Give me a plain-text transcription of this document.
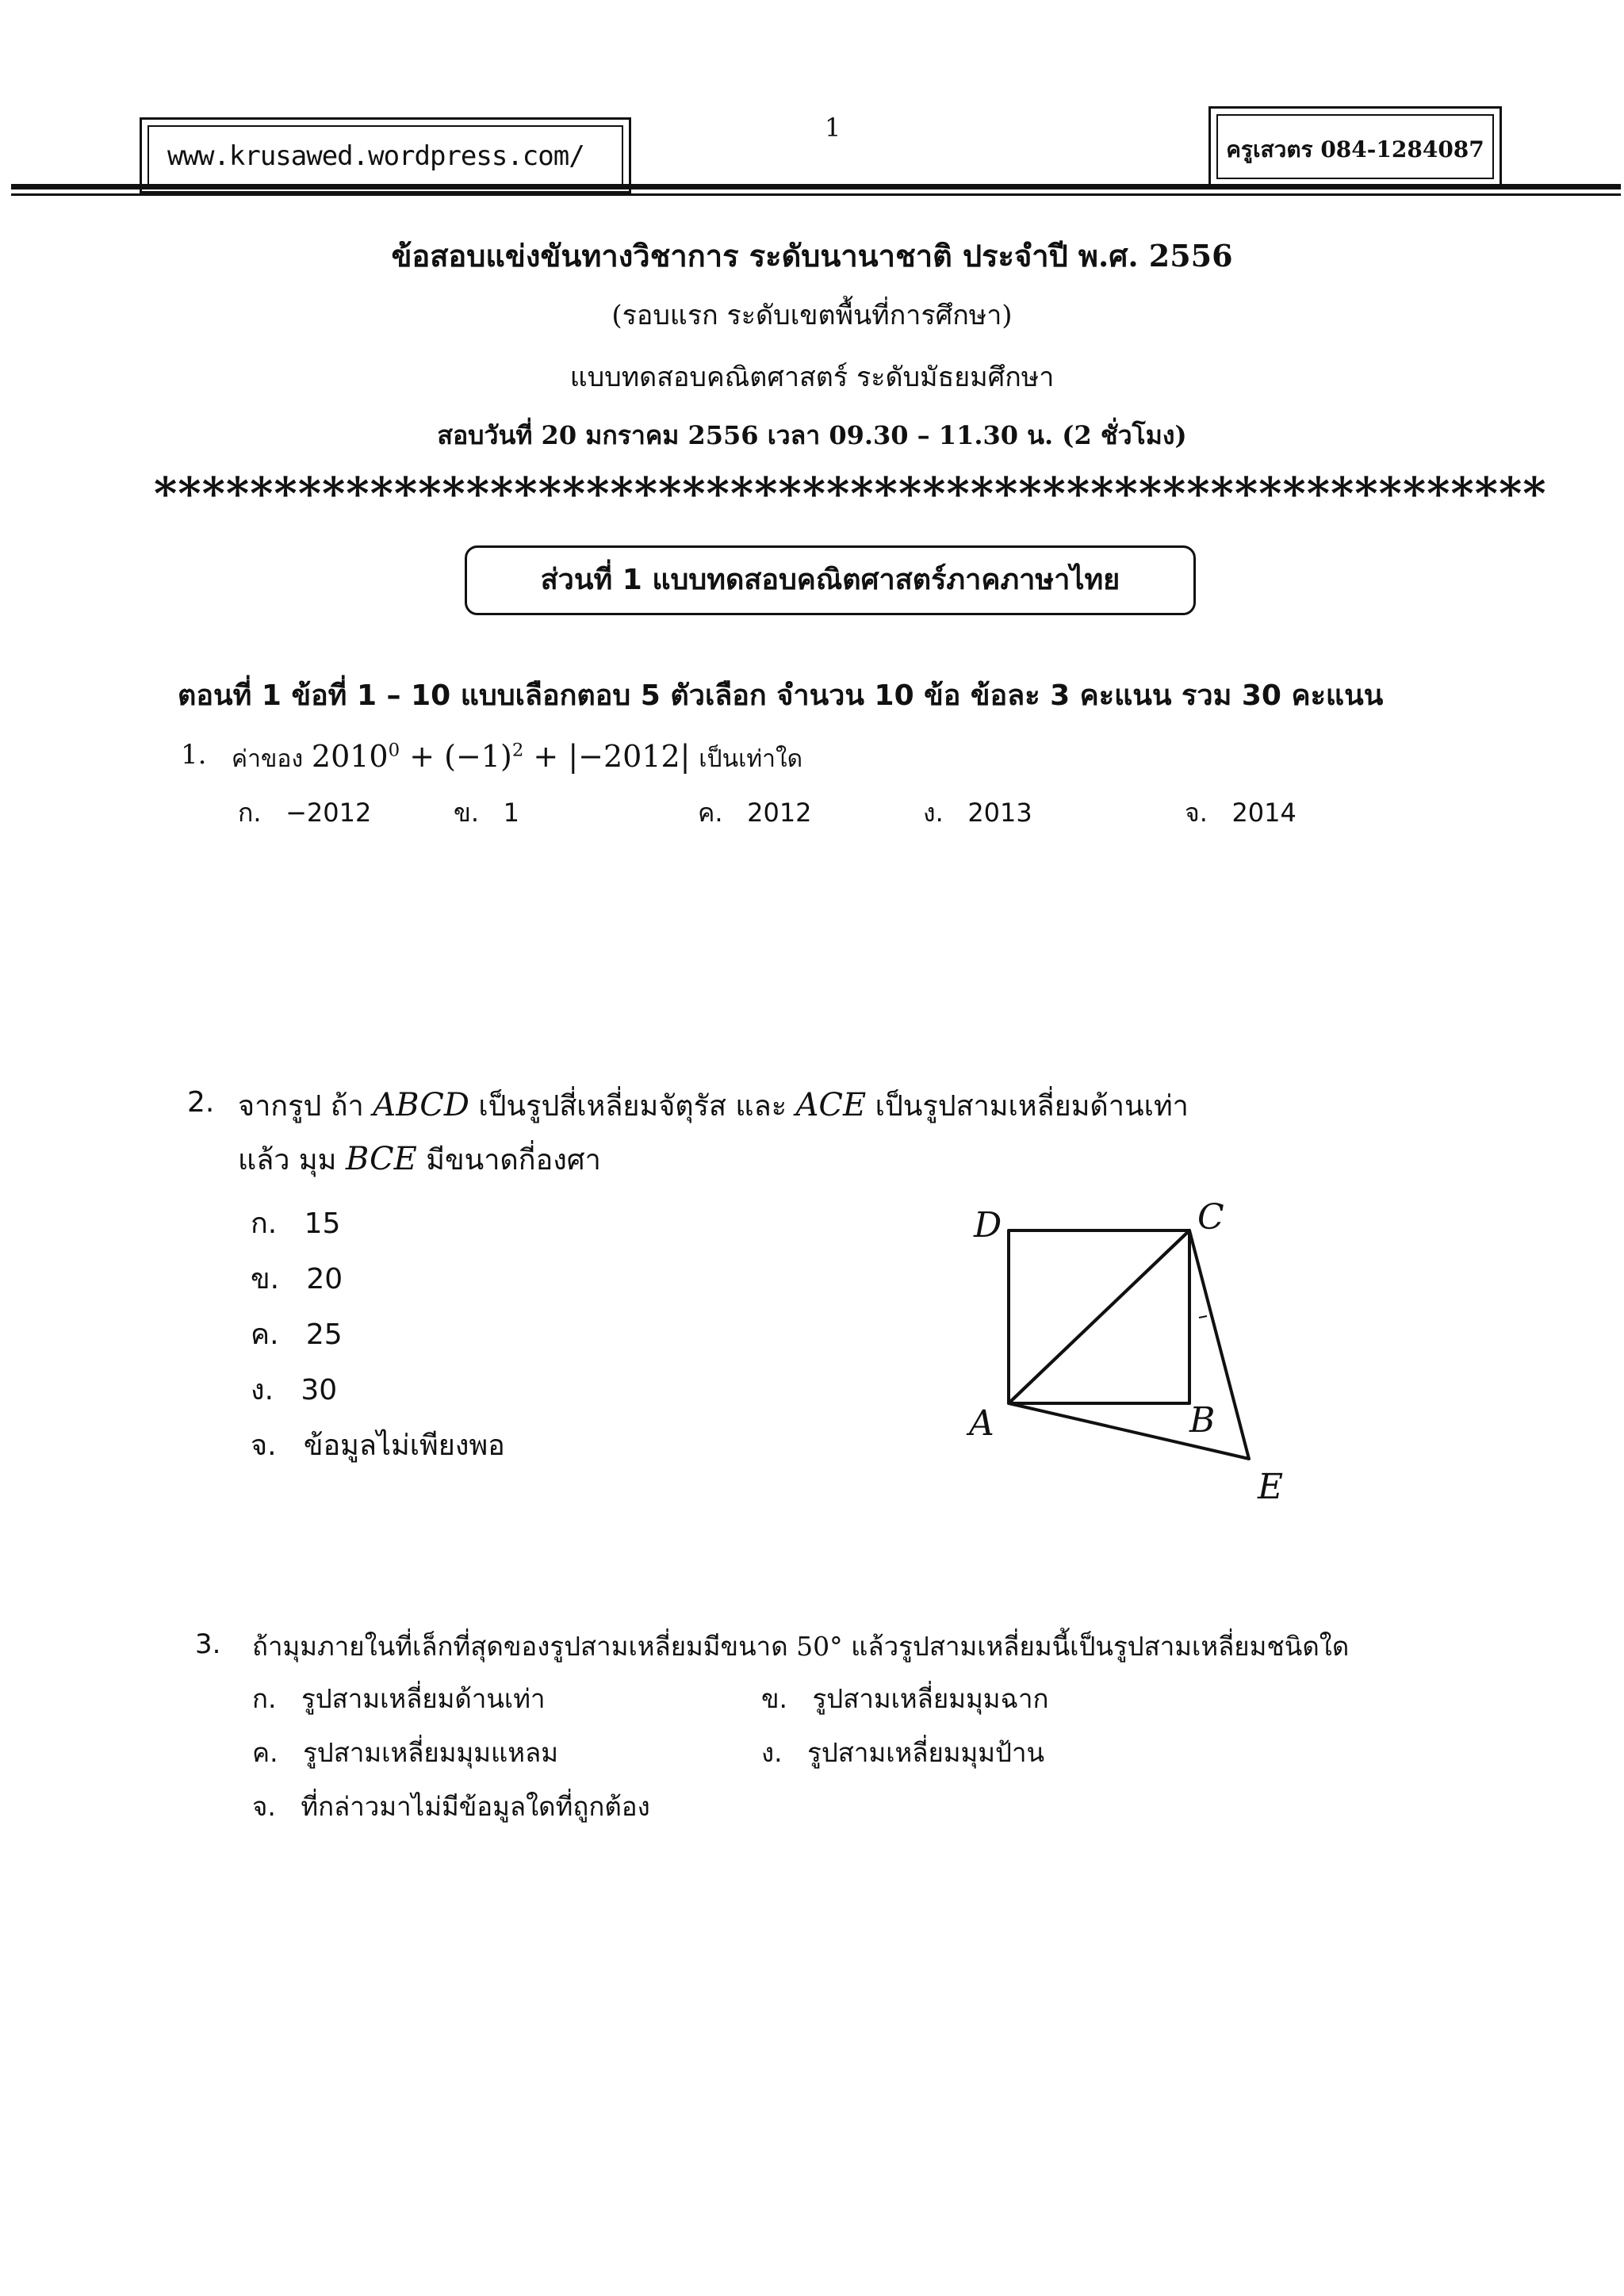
www.krusawed.wordpress.com/
1
ครูเสวตร 084-1284087
ข้อสอบแข่งขันทางวิชาการ ระดับนานาชาติ ประจำปี พ.ศ. 2556
(รอบแรก ระดับเขตพื้นที่การศึกษา)
แบบทดสอบคณิตศาสตร์ ระดับมัธยมศึกษา
สอบวันที่ 20 มกราคม 2556 เวลา 09.30 – 11.30 น. (2 ชั่วโมง)
**********************************************************
ส่วนที่ 1 แบบทดสอบคณิตศาสตร์ภาคภาษาไทย
ตอนที่ 1 ข้อที่ 1 – 10 แบบเลือกตอบ 5 ตัวเลือก จำนวน 10 ข้อ ข้อละ 3 คะแนน รวม 30 คะแนน
1. ค่าของ $2010^0 + (-1)^2 + |-2012|$ เป็นเท่าใด
ก. −2012	ข. 1	ค. 2012	ง. 2013	จ. 2014
2. จากรูป ถ้า ABCD เป็นรูปสี่เหลี่ยมจัตุรัส และ ACE เป็นรูปสามเหลี่ยมด้านเท่า
แล้ว มุม BCE มีขนาดกี่องศา
ก. 15
ข. 20
ค. 25
ง. 30
จ. ข้อมูลไม่เพียงพอ
D	C
A	B
E
3. ถ้ามุมภายในที่เล็กที่สุดของรูปสามเหลี่ยมมีขนาด 50° แล้วรูปสามเหลี่ยมนี้เป็นรูปสามเหลี่ยมชนิดใด
ก. รูปสามเหลี่ยมด้านเท่า	ข. รูปสามเหลี่ยมมุมฉาก
ค. รูปสามเหลี่ยมมุมแหลม	ง. รูปสามเหลี่ยมมุมป้าน
จ. ที่กล่าวมาไม่มีข้อมูลใดที่ถูกต้อง
